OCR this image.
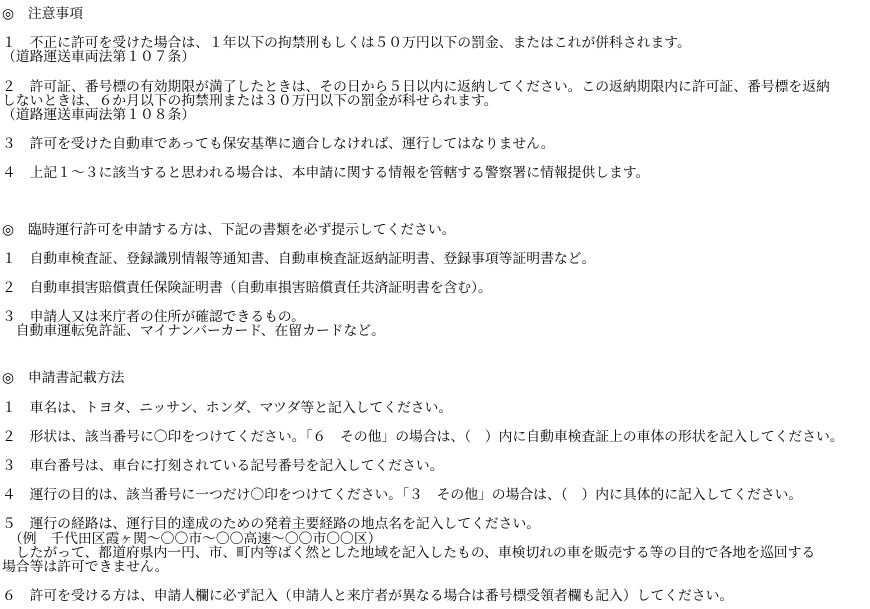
◎　注意事項
１　不正に許可を受けた場合は、１年以下の拘禁刑もしくは５０万円以下の罰金、またはこれが併科されます。
（道路運送車両法第１０７条）
２　許可証、番号標の有効期限が満了したときは、その日から５日以内に返納してください。この返納期限内に許可証、番号標を返納
しないときは、６か月以下の拘禁刑または３０万円以下の罰金が科せられます。
（道路運送車両法第１０８条）
３　許可を受けた自動車であっても保安基準に適合しなければ、運行してはなりません。
４　上記１～３に該当すると思われる場合は、本申請に関する情報を管轄する警察署に情報提供します。
◎　臨時運行許可を申請する方は、下記の書類を必ず提示してください。
１　自動車検査証、登録識別情報等通知書、自動車検査証返納証明書、登録事項等証明書など。
２　自動車損害賠償責任保険証明書（自動車損害賠償責任共済証明書を含む）。
３　申請人又は来庁者の住所が確認できるもの。
　自動車運転免許証、マイナンバーカード、在留カードなど。
◎　申請書記載方法
１　車名は、トヨタ、ニッサン、ホンダ、マツダ等と記入してください。
２　形状は、該当番号に〇印をつけてください。「６　その他」の場合は、（　）内に自動車検査証上の車体の形状を記入してください。
３　車台番号は、車台に打刻されている記号番号を記入してください。
４　運行の目的は、該当番号に一つだけ〇印をつけてください。「３　その他」の場合は、（　）内に具体的に記入してください。
５　運行の経路は、運行目的達成のための発着主要経路の地点名を記入してください。
　（例　千代田区霞ヶ関～〇〇市～〇〇高速～〇〇市〇〇区）
　したがって、都道府県内一円、市、町内等ばく然とした地域を記入したもの、車検切れの車を販売する等の目的で各地を巡回する
場合等は許可できません。
６　許可を受ける方は、申請人欄に必ず記入（申請人と来庁者が異なる場合は番号標受領者欄も記入）してください。
